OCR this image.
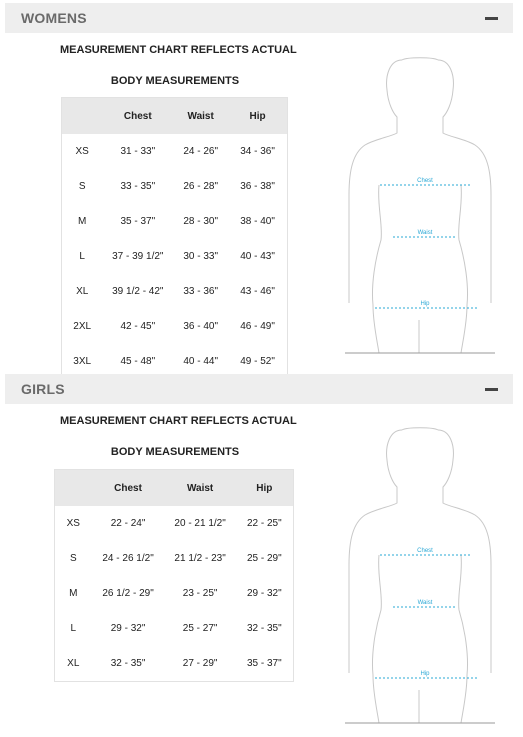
WOMENS
MEASUREMENT CHART REFLECTS ACTUAL
BODY MEASUREMENTS
	Chest	Waist	Hip
XS	31 - 33"	24 - 26"	34 - 36"
S	33 - 35"	26 - 28"	36 - 38"
M	35 - 37"	28 - 30"	38 - 40"
L	37 - 39 1/2"	30 - 33"	40 - 43"
XL	39 1/2 - 42"	33 - 36"	43 - 46"
2XL	42 - 45"	36 - 40"	46 - 49"
3XL	45 - 48"	40 - 44"	49 - 52"
Chest
Waist
Hip
GIRLS
MEASUREMENT CHART REFLECTS ACTUAL
BODY MEASUREMENTS
	Chest	Waist	Hip
XS	22 - 24"	20 - 21 1/2"	22 - 25"
S	24 - 26 1/2"	21 1/2 - 23"	25 - 29"
M	26 1/2 - 29"	23 - 25"	29 - 32"
L	29 - 32"	25 - 27"	32 - 35"
XL	32 - 35"	27 - 29"	35 - 37"
Chest
Waist
Hip
